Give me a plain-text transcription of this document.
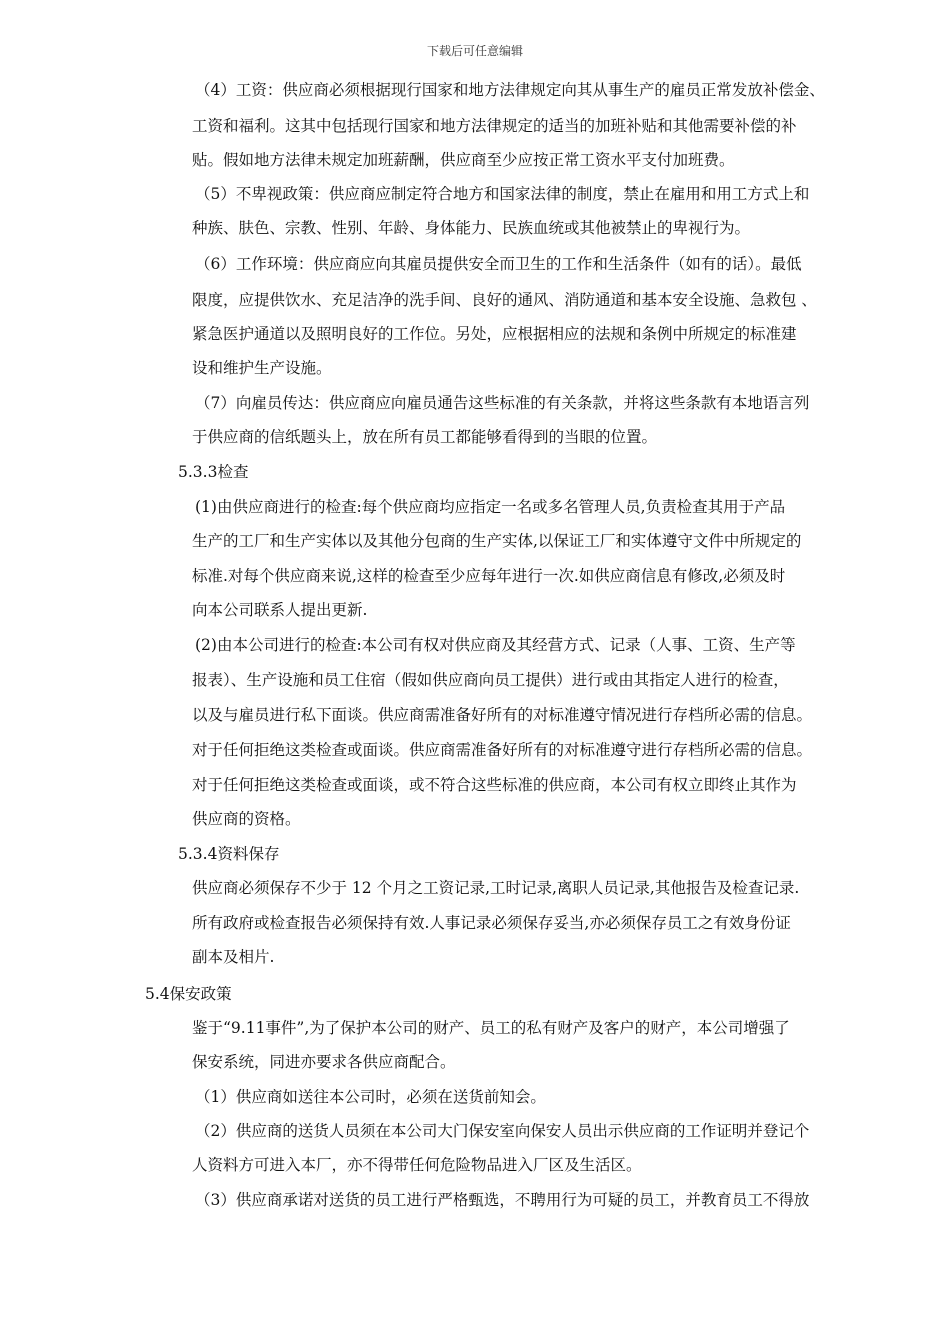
下载后可任意编辑
（4）工资：供应商必须根据现行国家和地方法律规定向其从事生产的雇员正常发放补偿金、
工资和福利。这其中包括现行国家和地方法律规定的适当的加班补贴和其他需要补偿的补
贴。假如地方法律未规定加班薪酬，供应商至少应按正常工资水平支付加班费。
（5）不卑视政策：供应商应制定符合地方和国家法律的制度，禁止在雇用和用工方式上和
种族、肤色、宗教、性别、年龄、身体能力、民族血统或其他被禁止的卑视行为。
（6）工作环境：供应商应向其雇员提供安全而卫生的工作和生活条件（如有的话）。最低
限度，应提供饮水、充足洁净的洗手间、良好的通风、消防通道和基本安全设施、急救包 、
紧急医护通道以及照明良好的工作位。另处，应根据相应的法规和条例中所规定的标准建
设和维护生产设施。
（7）向雇员传达：供应商应向雇员通告这些标准的有关条款，并将这些条款有本地语言列
于供应商的信纸题头上，放在所有员工都能够看得到的当眼的位置。
5.3.3检查
(1)由供应商进行的检查:每个供应商均应指定一名或多名管理人员,负责检查其用于产品
生产的工厂和生产实体以及其他分包商的生产实体,以保证工厂和实体遵守文件中所规定的
标准.对每个供应商来说,这样的检查至少应每年进行一次.如供应商信息有修改,必须及时
向本公司联系人提出更新.
(2)由本公司进行的检查:本公司有权对供应商及其经营方式、记录（人事、工资、生产等
报表）、生产设施和员工住宿（假如供应商向员工提供）进行或由其指定人进行的检查，
以及与雇员进行私下面谈。供应商需准备好所有的对标准遵守情况进行存档所必需的信息。
对于任何拒绝这类检查或面谈。供应商需准备好所有的对标准遵守进行存档所必需的信息。
对于任何拒绝这类检查或面谈，或不符合这些标准的供应商，本公司有权立即终止其作为
供应商的资格。
5.3.4资料保存
供应商必须保存不少于 12 个月之工资记录,工时记录,离职人员记录,其他报告及检查记录.
所有政府或检查报告必须保持有效.人事记录必须保存妥当,亦必须保存员工之有效身份证
副本及相片.
5.4保安政策
鉴于“9.11事件”,为了保护本公司的财产、员工的私有财产及客户的财产，本公司增强了
保安系统，同进亦要求各供应商配合。
（1）供应商如送往本公司时，必须在送货前知会。
（2）供应商的送货人员须在本公司大门保安室向保安人员出示供应商的工作证明并登记个
人资料方可进入本厂，亦不得带任何危险物品进入厂区及生活区。
（3）供应商承诺对送货的员工进行严格甄选，不聘用行为可疑的员工，并教育员工不得放
